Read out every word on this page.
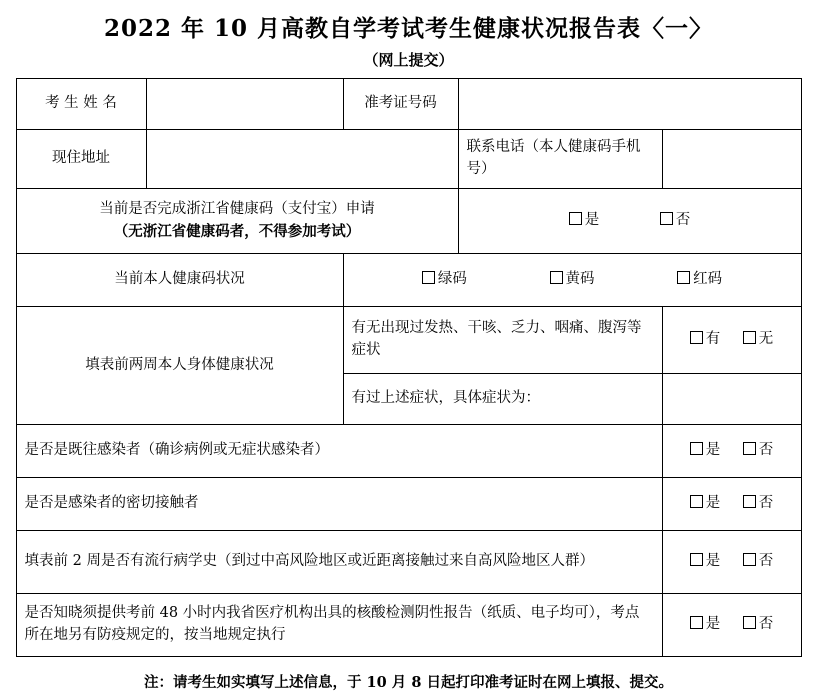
2022 年 10 月高教自学考试考生健康状况报告表〈一〉
（网上提交）
考 生 姓 名		准考证号码		
现住地址			联系电话（本人健康码手机号）	

当前是否完成浙江省健康码（支付宝）申请
（无浙江省健康码者，不得参加考试）			是 否	
当前本人健康码状况		绿码 黄码 红码		
填表前两周本人身体健康状况		有无出现过发热、干咳、乏力、咽痛、腹泻等症状		有 无
		有过上述症状，具体症状为：		
是否是既往感染者（确诊病例或无症状感染者）				是 否
是否是感染者的密切接触者				是 否
填表前 2 周是否有流行病学史（到过中高风险地区或近距离接触过来自高风险地区人群）				是 否
是否知晓须提供考前 48 小时内我省医疗机构出具的核酸检测阴性报告（纸质、电子均可），考点所在地另有防疫规定的，按当地规定执行				是 否
注：请考生如实填写上述信息，于 10 月 8 日起打印准考证时在网上填报、提交。
